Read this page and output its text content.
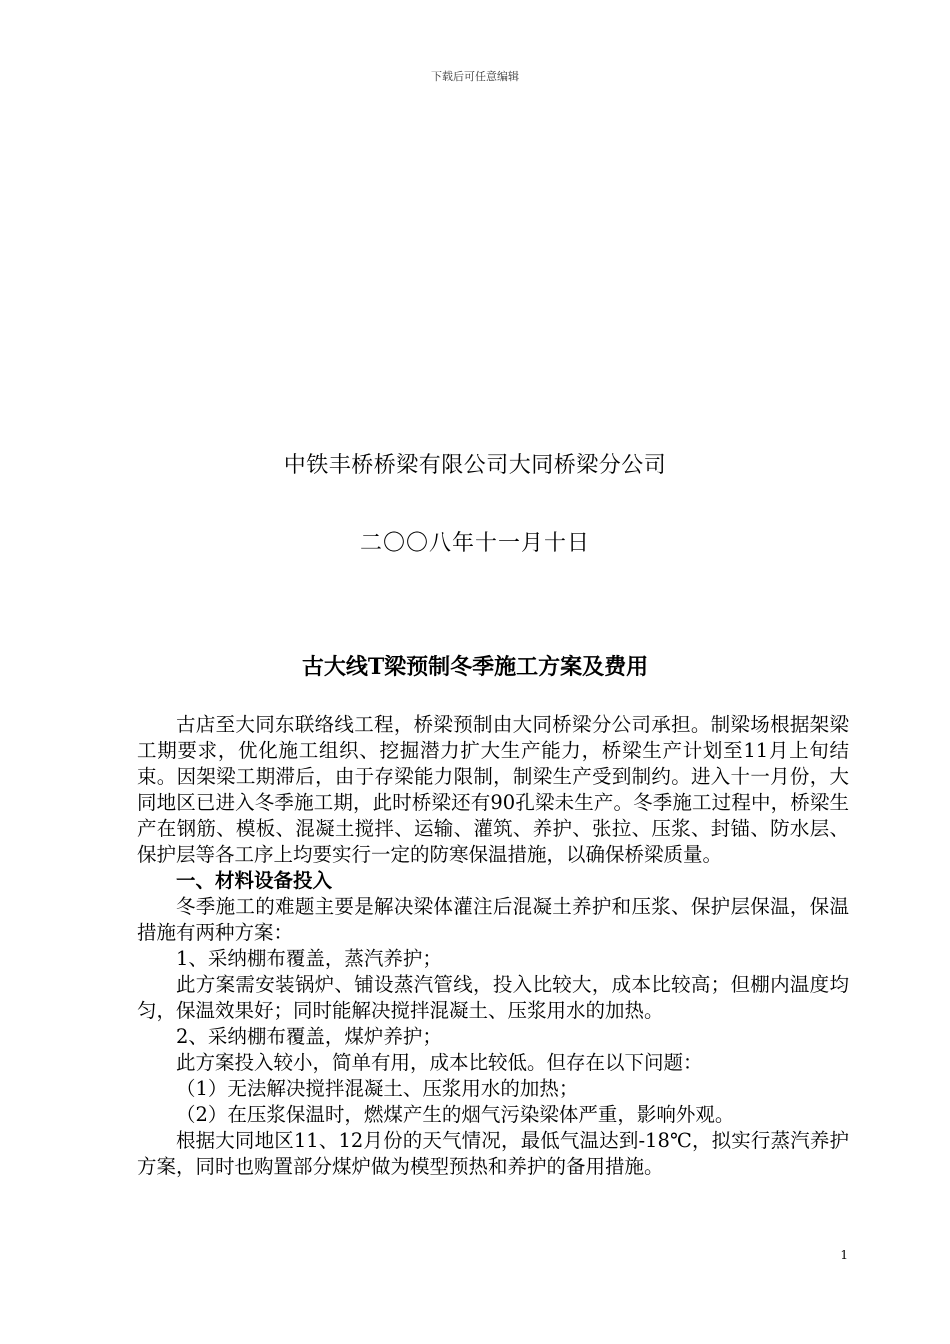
下载后可任意编辑
中铁丰桥桥梁有限公司大同桥梁分公司
二〇〇八年十一月十日
古大线T梁预制冬季施工方案及费用

古店至大同东联络线工程，桥梁预制由大同桥梁分公司承担。制梁场根据架梁工期要求，优化施工组织、挖掘潜力扩大生产能力，桥梁生产计划至11月上旬结束。因架梁工期滞后，由于存梁能力限制，制梁生产受到制约。进入十一月份，大同地区已进入冬季施工期，此时桥梁还有90孔梁未生产。冬季施工过程中，桥梁生产在钢筋、模板、混凝土搅拌、运输、灌筑、养护、张拉、压浆、封锚、防水层、保护层等各工序上均要实行一定的防寒保温措施，以确保桥梁质量。

一、材料设备投入

冬季施工的难题主要是解决梁体灌注后混凝土养护和压浆、保护层保温，保温措施有两种方案：

1、采纳棚布覆盖，蒸汽养护；

此方案需安装锅炉、铺设蒸汽管线，投入比较大，成本比较高；但棚内温度均匀，保温效果好；同时能解决搅拌混凝土、压浆用水的加热。

2、采纳棚布覆盖，煤炉养护；

此方案投入较小，简单有用，成本比较低。但存在以下问题：

（1）无法解决搅拌混凝土、压浆用水的加热；

（2）在压浆保温时，燃煤产生的烟气污染梁体严重，影响外观。

根据大同地区11、12月份的天气情况，最低气温达到-18℃，拟实行蒸汽养护方案，同时也购置部分煤炉做为模型预热和养护的备用措施。

1
